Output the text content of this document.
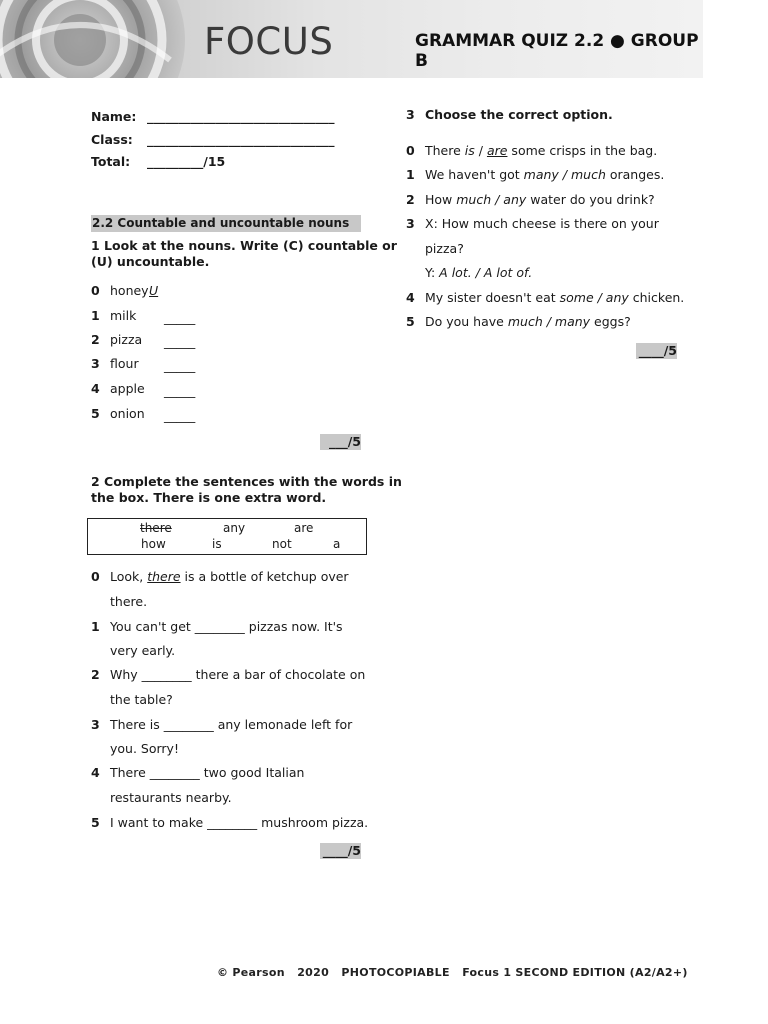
FOCUS	GRAMMAR QUIZ 2.2 ● GROUP B
Name: ______________________________
Class: ______________________________
Total: _________/15
2.2 Countable and uncountable nouns
1 Look at the nouns. Write (C) countable or
(U) uncountable.
0 honey U
1 milk _____
2 pizza _____
3 flour _____
4 apple _____
5 onion _____
___/5
2 Complete the sentences with the words in
the box. There is one extra word.
there	any	are
how	is	not	a
0 Look, there is a bottle of ketchup over
there.
1 You can't get ________ pizzas now. It's
very early.
2 Why ________ there a bar of chocolate on
the table?
3 There is ________ any lemonade left for
you. Sorry!
4 There ________ two good Italian
restaurants nearby.
5 I want to make ________ mushroom pizza.
____/5
3 Choose the correct option.
0 There is / are some crisps in the bag.
1 We haven't got many / much oranges.
2 How much / any water do you drink?
3 X: How much cheese is there on your
pizza?
Y: A lot. / A lot of.
4 My sister doesn't eat some / any chicken.
5 Do you have much / many eggs?
____/5
© Pearson   2020   PHOTOCOPIABLE   Focus 1 SECOND EDITION (A2/A2+)
